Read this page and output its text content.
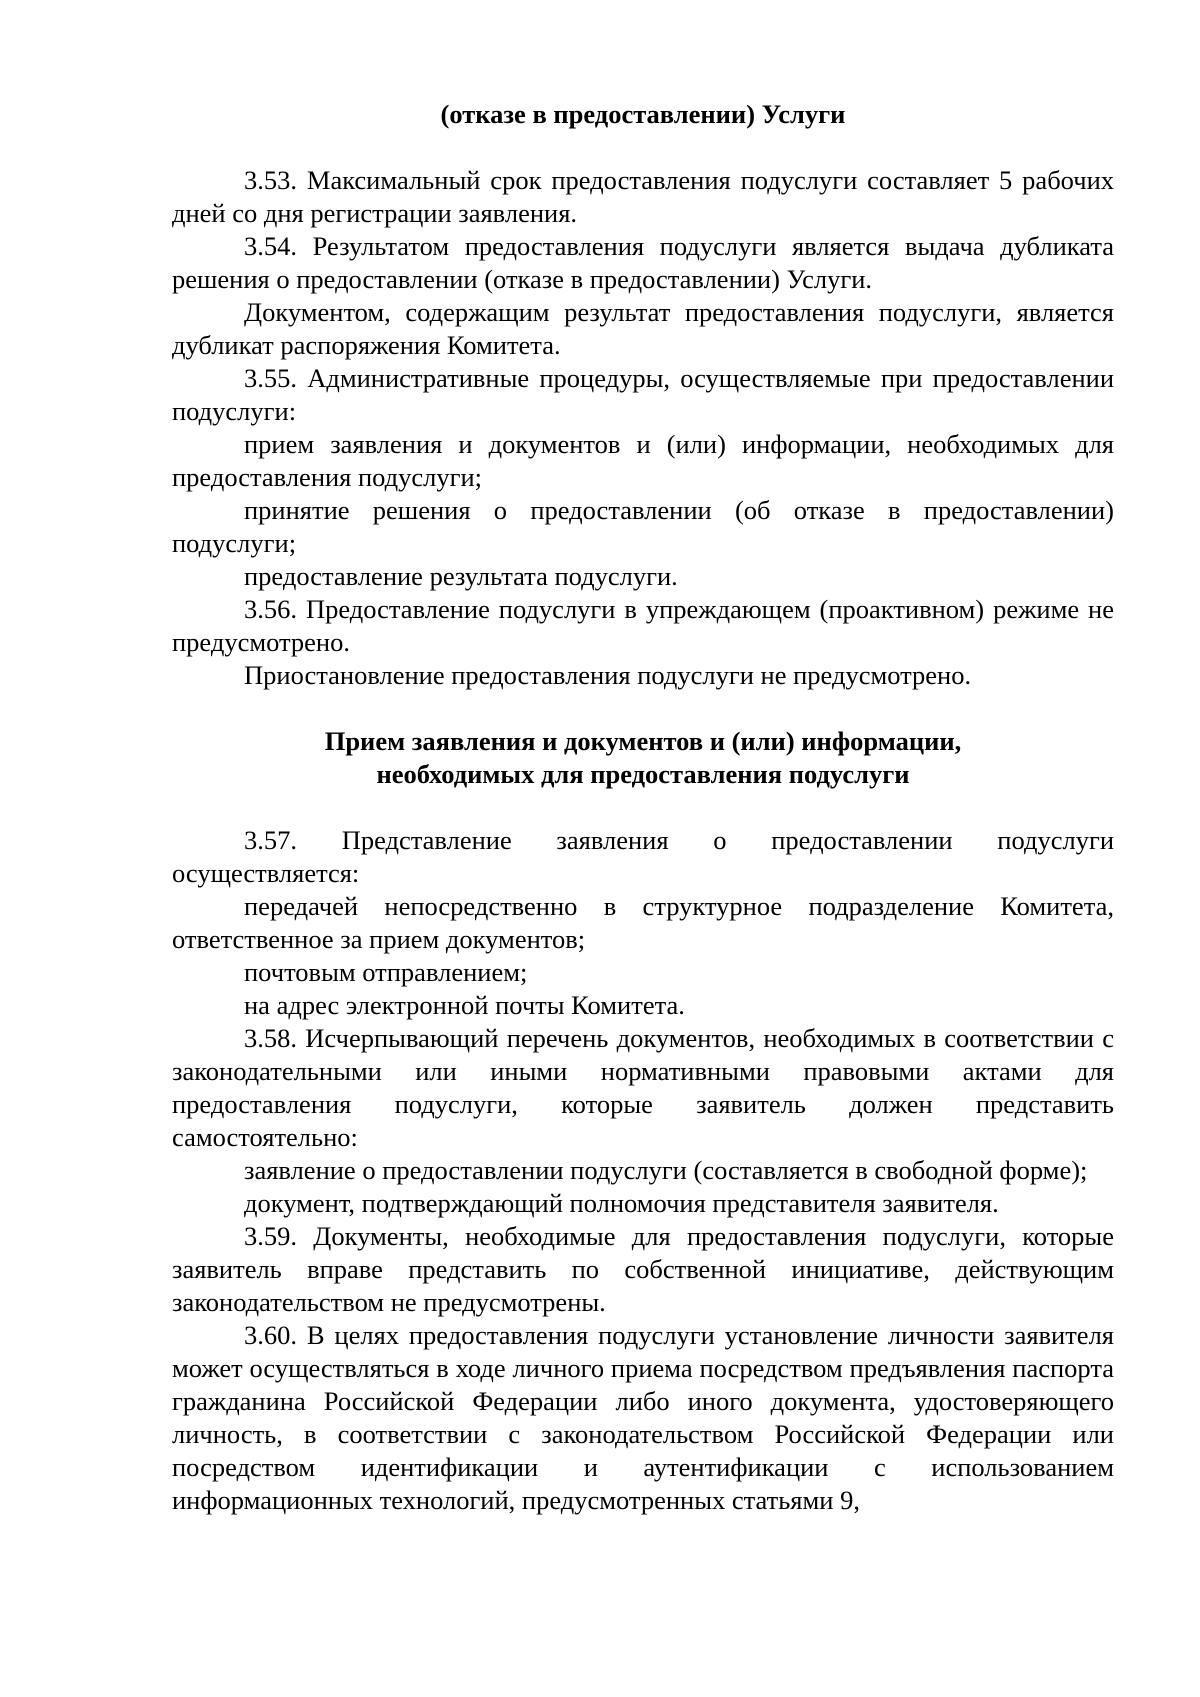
(отказе в предоставлении) Услуги

3.53. Максимальный срок предоставления подуслуги составляет 5 рабочих дней со дня регистрации заявления.

3.54. Результатом предоставления подуслуги является выдача дубликата решения о предоставлении (отказе в предоставлении) Услуги.

Документом, содержащим результат предоставления подуслуги, является дубликат распоряжения Комитета.

3.55. Административные процедуры, осуществляемые при предоставлении подуслуги:

прием заявления и документов и (или) информации, необходимых для предоставления подуслуги;

принятие решения о предоставлении (об отказе в предоставлении) подуслуги;

предоставление результата подуслуги.

3.56. Предоставление подуслуги в упреждающем (проактивном) режиме не предусмотрено.

Приостановление предоставления подуслуги не предусмотрено.

Прием заявления и документов и (или) информации,
необходимых для предоставления подуслуги

3.57. Представление заявления о предоставлении подуслуги осуществляется:

передачей непосредственно в структурное подразделение Комитета, ответственное за прием документов;

почтовым отправлением;

на адрес электронной почты Комитета.

3.58. Исчерпывающий перечень документов, необходимых в соответствии с законодательными или иными нормативными правовыми актами для предоставления подуслуги, которые заявитель должен представить самостоятельно:

заявление о предоставлении подуслуги (составляется в свободной форме);

документ, подтверждающий полномочия представителя заявителя.

3.59. Документы, необходимые для предоставления подуслуги, которые заявитель вправе представить по собственной инициативе, действующим законодательством не предусмотрены.

3.60. В целях предоставления подуслуги установление личности заявителя может осуществляться в ходе личного приема посредством предъявления паспорта гражданина Российской Федерации либо иного документа, удостоверяющего личность, в соответствии с законодательством Российской Федерации или посредством идентификации и аутентификации с использованием информационных технологий, предусмотренных статьями 9,
